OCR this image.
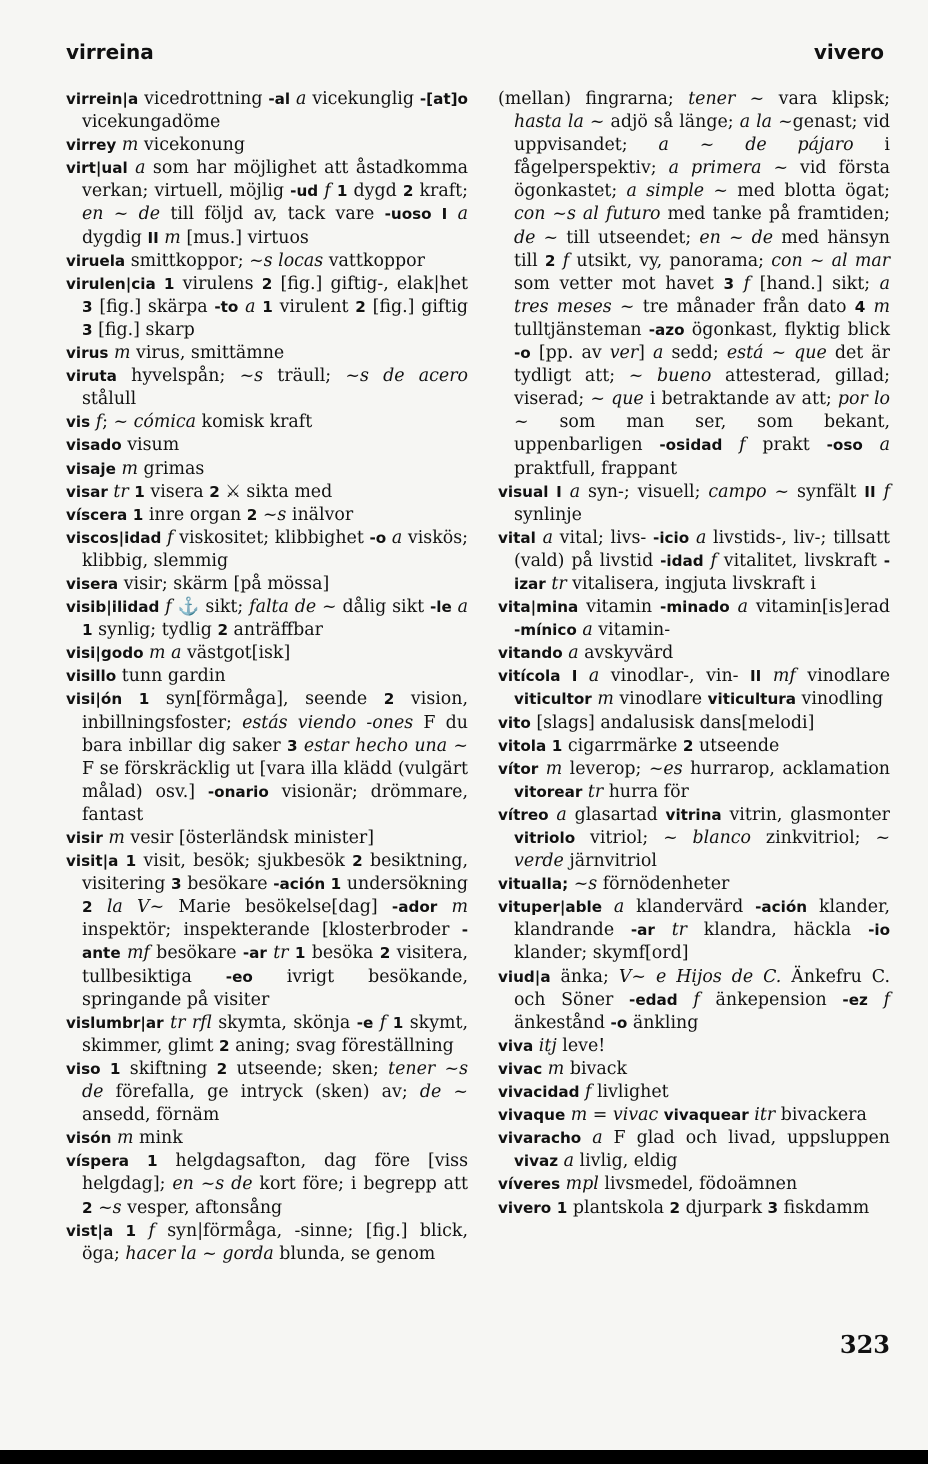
virreina	vivero

virrein|a vicedrottning -al a vicekunglig -[at]o vicekungadöme

virrey m vicekonung

virt|ual a som har möjlighet att åstadkomma verkan; virtuell, möjlig -ud f 1 dygd 2 kraft; en ~ de till följd av, tack vare -uoso I a dygdig II m [mus.] virtuos

viruela smittkoppor; ~s locas vattkoppor

virulen|cia 1 virulens 2 [fig.] giftig-, elak|het 3 [fig.] skärpa -to a 1 virulent 2 [fig.] giftig 3 [fig.] skarp

virus m virus, smittämne

viruta hyvelspån; ~s träull; ~s de acero stålull

vis f; ~ cómica komisk kraft

visado visum

visaje m grimas

visar tr 1 visera 2 ⚔ sikta med

víscera 1 inre organ 2 ~s inälvor

viscos|idad f viskositet; klibbighet -o a viskös; klibbig, slemmig

visera visir; skärm [på mössa]

visib|ilidad f ⚓ sikt; falta de ~ dålig sikt -le a 1 synlig; tydlig 2 anträffbar

visi|godo m a västgot[isk]

visillo tunn gardin

visi|ón 1 syn[förmåga], seende 2 vision, inbillningsfoster; estás viendo -ones F du bara inbillar dig saker 3 estar hecho una ~ F se förskräcklig ut [vara illa klädd (vulgärt målad) osv.] -onario visionär; drömmare, fantast

visir m vesir [österländsk minister]

visit|a 1 visit, besök; sjukbesök 2 besiktning, visitering 3 besökare -ación 1 undersökning 2 la V~ Marie besökelse[dag] -ador m inspektör; inspekterande [klosterbroder -ante mf besökare -ar tr 1 besöka 2 visitera, tullbesiktiga -eo ivrigt besökande, springande på visiter

vislumbr|ar tr rfl skymta, skönja -e f 1 skymt, skimmer, glimt 2 aning; svag föreställning

viso 1 skiftning 2 utseende; sken; tener ~s de förefalla, ge intryck (sken) av; de ~ ansedd, förnäm

visón m mink

víspera 1 helgdagsafton, dag före [viss helgdag]; en ~s de kort före; i begrepp att 2 ~s vesper, aftonsång

vist|a 1 f syn|förmåga, -sinne; [fig.] blick, öga; hacer la ~ gorda blunda, se genom

(mellan) fingrarna; tener ~ vara klipsk; hasta la ~ adjö så länge; a la ~genast; vid uppvisandet; a ~ de pájaro i fågelperspektiv; a primera ~ vid första ögonkastet; a simple ~ med blotta ögat; con ~s al futuro med tanke på framtiden; de ~ till utseendet; en ~ de med hänsyn till 2 f utsikt, vy, panorama; con ~ al mar som vetter mot havet 3 f [hand.] sikt; a tres meses ~ tre månader från dato 4 m tulltjänsteman -azo ögonkast, flyktig blick -o [pp. av ver] a sedd; está ~ que det är tydligt att; ~ bueno attesterad, gillad; viserad; ~ que i betraktande av att; por lo ~ som man ser, som bekant, uppenbarligen -osidad f prakt -oso a praktfull, frappant

visual I a syn-; visuell; campo ~ synfält II f synlinje

vital a vital; livs- -icio a livstids-, liv-; tillsatt (vald) på livstid -idad f vitalitet, livskraft -izar tr vitalisera, ingjuta livskraft i

vita|mina vitamin -minado a vitamin[is]erad -mínico a vitamin-

vitando a avskyvärd

vitícola I a vinodlar-, vin- II mf vinodlare viticultor m vinodlare viticultura vinodling

vito [slags] andalusisk dans[melodi]

vitola 1 cigarrmärke 2 utseende

vítor m leverop; ~es hurrarop, acklamation vitorear tr hurra för

vítreo a glasartad vitrina vitrin, glasmonter vitriolo vitriol; ~ blanco zinkvitriol; ~ verde järnvitriol

vitualla; ~s förnödenheter

vituper|able a klandervärd -ación klander, klandrande -ar tr klandra, häckla -io klander; skymf[ord]

viud|a änka; V~ e Hijos de C. Änkefru C. och Söner -edad f änkepension -ez f änkestånd -o änkling

viva itj leve!

vivac m bivack

vivacidad f livlighet

vivaque m = vivac vivaquear itr bivackera

vivaracho a F glad och livad, uppsluppen vivaz a livlig, eldig

víveres mpl livsmedel, födoämnen

vivero 1 plantskola 2 djurpark 3 fiskdamm

323
